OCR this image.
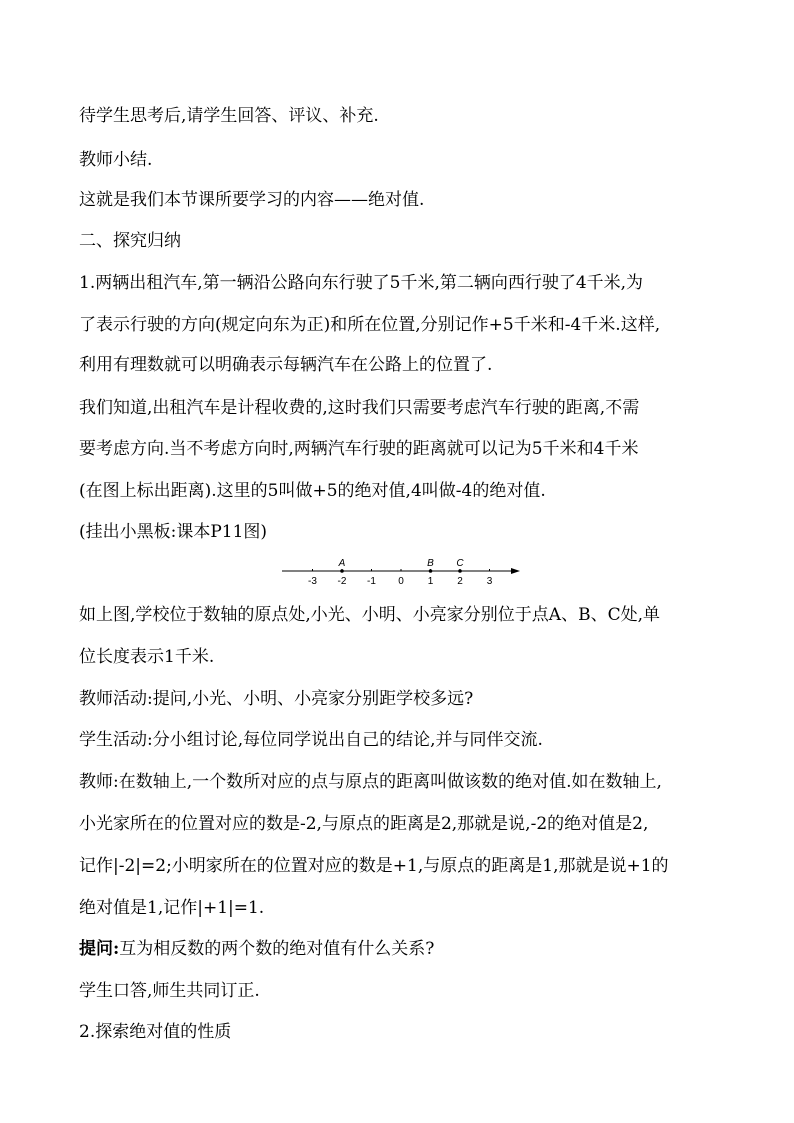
待学生思考后,请学生回答、评议、补充.
教师小结.
这就是我们本节课所要学习的内容——绝对值.
二、探究归纳
1.两辆出租汽车,第一辆沿公路向东行驶了5千米,第二辆向西行驶了4千米,为
了表示行驶的方向(规定向东为正)和所在位置,分别记作+5千米和-4千米.这样,
利用有理数就可以明确表示每辆汽车在公路上的位置了.
我们知道,出租汽车是计程收费的,这时我们只需要考虑汽车行驶的距离,不需
要考虑方向.当不考虑方向时,两辆汽车行驶的距离就可以记为5千米和4千米
(在图上标出距离).这里的5叫做+5的绝对值,4叫做-4的绝对值.
(挂出小黑板:课本P11图)
-3 -2 -1 0 1 2 3
A	B C
如上图,学校位于数轴的原点处,小光、小明、小亮家分别位于点A、B、C处,单
位长度表示1千米.
教师活动:提问,小光、小明、小亮家分别距学校多远?
学生活动:分小组讨论,每位同学说出自己的结论,并与同伴交流.
教师:在数轴上,一个数所对应的点与原点的距离叫做该数的绝对值.如在数轴上,
小光家所在的位置对应的数是-2,与原点的距离是2,那就是说,-2的绝对值是2,
记作|-2|=2;小明家所在的位置对应的数是+1,与原点的距离是1,那就是说+1的
绝对值是1,记作|+1|=1.
提问:互为相反数的两个数的绝对值有什么关系?
学生口答,师生共同订正.
2.探索绝对值的性质
